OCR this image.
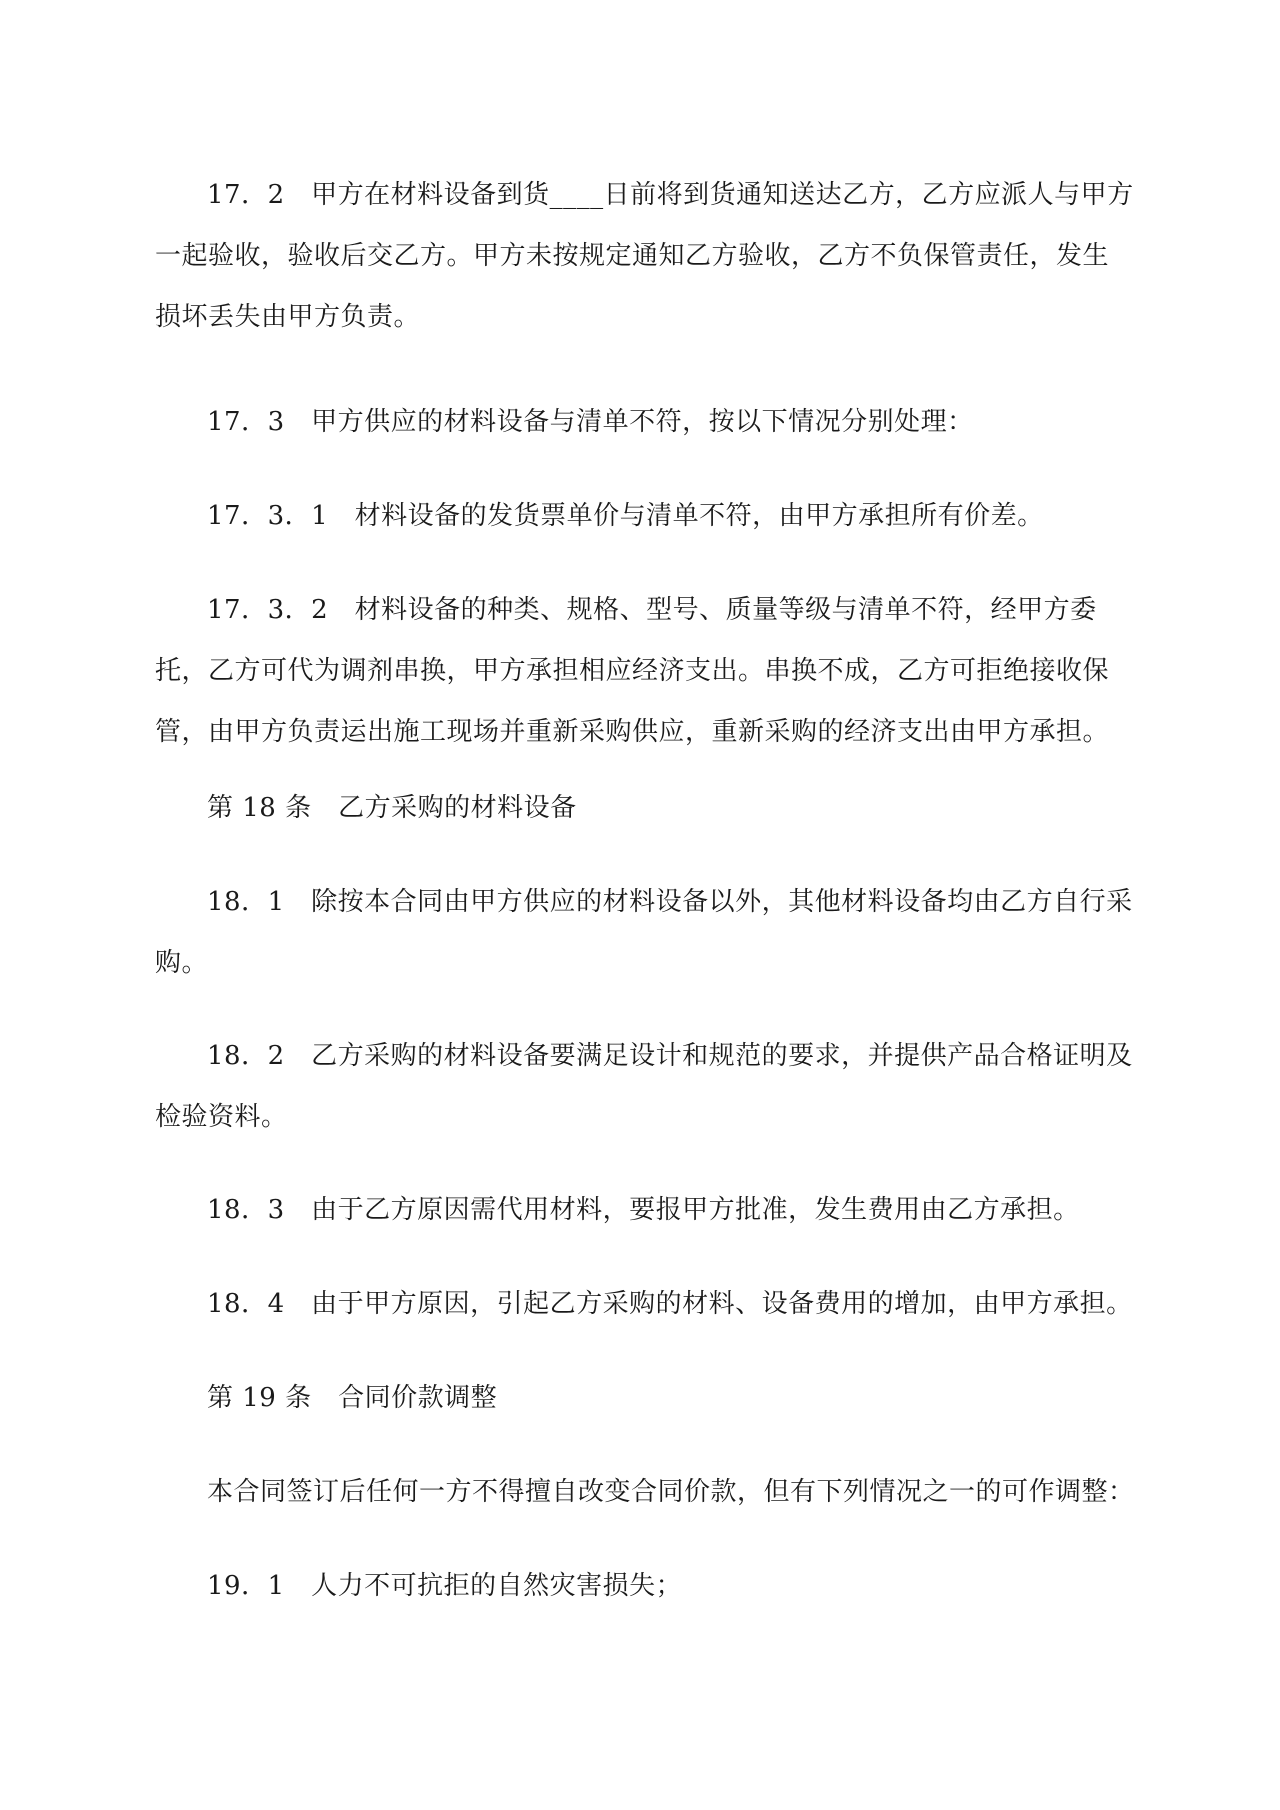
17．2　甲方在材料设备到货____日前将到货通知送达乙方，乙方应派人与甲方一起验收，验收后交乙方。甲方未按规定通知乙方验收，乙方不负保管责任，发生损坏丢失由甲方负责。

17．3　甲方供应的材料设备与清单不符，按以下情况分别处理：

17．3．1　材料设备的发货票单价与清单不符，由甲方承担所有价差。

17．3．2　材料设备的种类、规格、型号、质量等级与清单不符，经甲方委托，乙方可代为调剂串换，甲方承担相应经济支出。串换不成，乙方可拒绝接收保管，由甲方负责运出施工现场并重新采购供应，重新采购的经济支出由甲方承担。

第 18 条　乙方采购的材料设备

18．1　除按本合同由甲方供应的材料设备以外，其他材料设备均由乙方自行采购。

18．2　乙方采购的材料设备要满足设计和规范的要求，并提供产品合格证明及检验资料。

18．3　由于乙方原因需代用材料，要报甲方批准，发生费用由乙方承担。

18．4　由于甲方原因，引起乙方采购的材料、设备费用的增加，由甲方承担。

第 19 条　合同价款调整

本合同签订后任何一方不得擅自改变合同价款，但有下列情况之一的可作调整：

19．1　人力不可抗拒的自然灾害损失；
